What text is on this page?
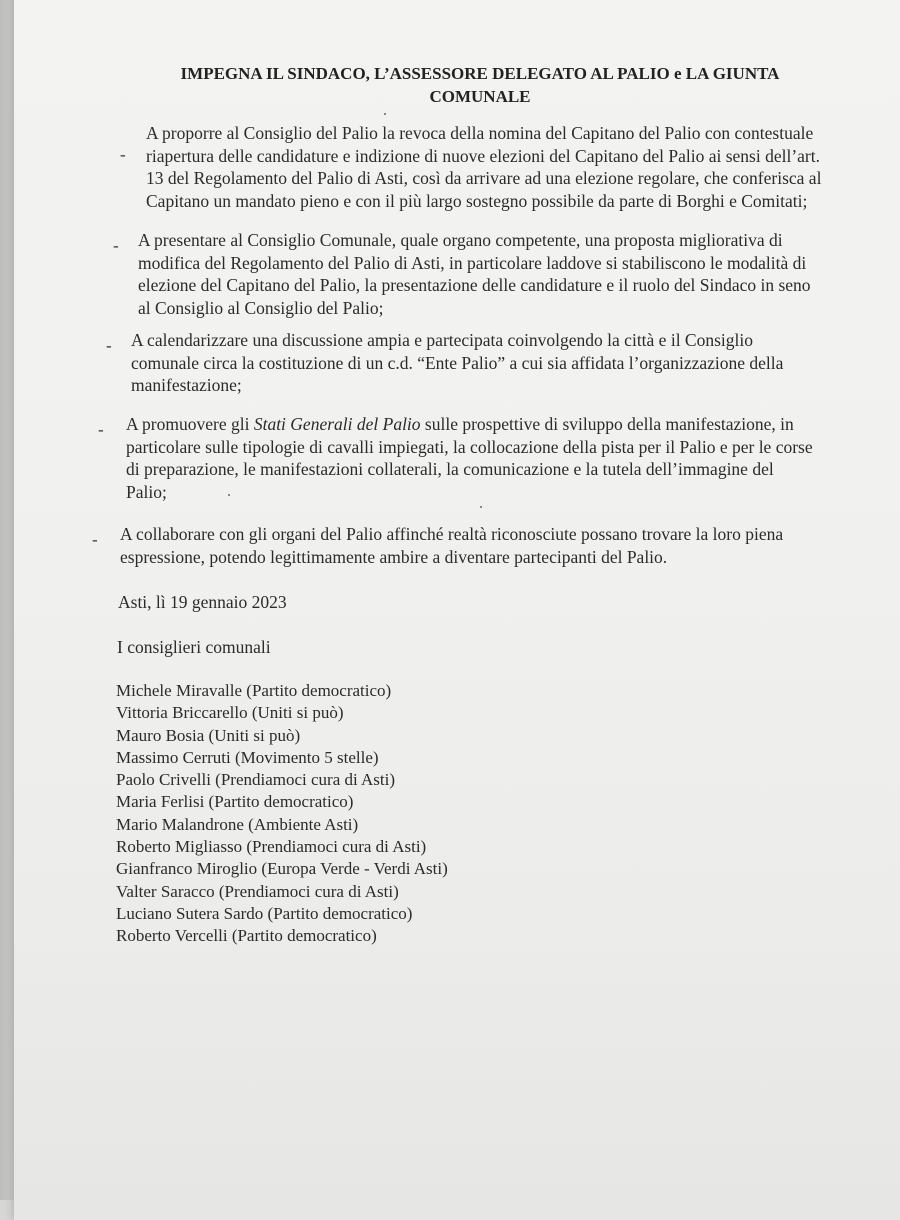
IMPEGNA IL SINDACO, L’ASSESSORE DELEGATO AL PALIO e LA GIUNTA COMUNALE
-
A proporre al Consiglio del Palio la revoca della nomina del Capitano del Palio con contestuale
riapertura delle candidature e indizione di nuove elezioni del Capitano del Palio ai sensi dell’art.
13 del Regolamento del Palio di Asti, così da arrivare ad una elezione regolare, che conferisca al
Capitano un mandato pieno e con il più largo sostegno possibile da parte di Borghi e Comitati;
- A presentare al Consiglio Comunale, quale organo competente, una proposta migliorativa di
modifica del Regolamento del Palio di Asti, in particolare laddove si stabiliscono le modalità di
elezione del Capitano del Palio, la presentazione delle candidature e il ruolo del Sindaco in seno
al Consiglio al Consiglio del Palio;
- A calendarizzare una discussione ampia e partecipata coinvolgendo la città e il Consiglio
comunale circa la costituzione di un c.d. “Ente Palio” a cui sia affidata l’organizzazione della
manifestazione;
- A promuovere gli Stati Generali del Palio sulle prospettive di sviluppo della manifestazione, in
particolare sulle tipologie di cavalli impiegati, la collocazione della pista per il Palio e per le corse
di preparazione, le manifestazioni collaterali, la comunicazione e la tutela dell’immagine del
Palio;
- A collaborare con gli organi del Palio affinché realtà riconosciute possano trovare la loro piena
espressione, potendo legittimamente ambire a diventare partecipanti del Palio.
Asti, lì 19 gennaio 2023
I consiglieri comunali
Michele Miravalle (Partito democratico)
Vittoria Briccarello (Uniti si può)
Mauro Bosia (Uniti si può)
Massimo Cerruti (Movimento 5 stelle)
Paolo Crivelli (Prendiamoci cura di Asti)
Maria Ferlisi (Partito democratico)
Mario Malandrone (Ambiente Asti)
Roberto Migliasso (Prendiamoci cura di Asti)
Gianfranco Miroglio (Europa Verde - Verdi Asti)
Valter Saracco (Prendiamoci cura di Asti)
Luciano Sutera Sardo (Partito democratico)
Roberto Vercelli (Partito democratico)
